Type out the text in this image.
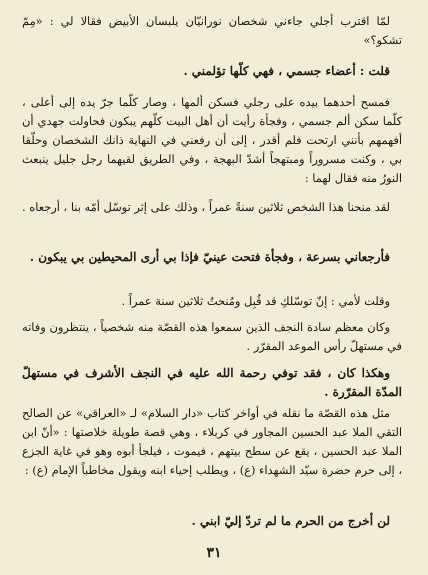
لمّا اقترب أجلي جاءني شخصان نورانيّان يلبسان الأبيض فقالا لي : «مِمّ تشكو؟»

قلت : أعضاء جسمي ، فهي كلّها تؤلمني .

فمسح أحدهما بيده على رجلي فسكن ألمها ، وصار كلّما جرّ يده إلى أعلى ، كلّما سكن ألم جسمي ، وفجأة رأيت أن أهل البيت كلّهم يبكون فحاولت جهدي أن أفهمهم بأنني ارتحت فلم أقدر ، إلى أن رفعني في النهاية ذانك الشخصان وحلّقا بي ، وكنت مسروراً ومبتهجاً أشدّ البهجة ، وفي الطريق لقيهما رجل جليل ينبعث النورُ منه فقال لهما :

لقد منحنا هذا الشخص ثلاثين سنةً عمراً ، وذلك على إثر توسّل أمّه بنا ، أرجعاه .

فأرجعاني بسرعة ، وفجأة فتحت عينيّ فإذا بي أرى المحيطين بي يبكون .

وقلت لأمي : إنّ توسّلكِ قد قُبِل ومُنحتُ ثلاثين سنة عمراً .

وكان معظم سادة النجف الذين سمعوا هذه القصّة منه شخصياً ، ينتظرون وفاته في مستهلّ رأس الموعد المقرّر .

وهكذا كان ، فقد توفي رحمة الله عليه في النجف الأشرف في مستهلّ المدّة المقرّرة .

مثل هذه القصّة ما نقله في أواخر كتاب «دار السلام» لـ «العراقي» عن الصالح التقي الملا عبد الحسين المجاور في كربلاء ، وهي قصة طويلة خلاصتها : «أنّ ابن الملا عبد الحسين ، يقع عن سطح بيتهم ، فيموت ، فيلجأ أبوه وهو في غاية الجزع ، إلى حرم حضرة سيّد الشهداء (ع) ، ويطلب إحياء ابنه ويقول مخاطباً الإمام (ع) :

لن أخرج من الحرم ما لم تردّ إليّ ابني .

٣١
